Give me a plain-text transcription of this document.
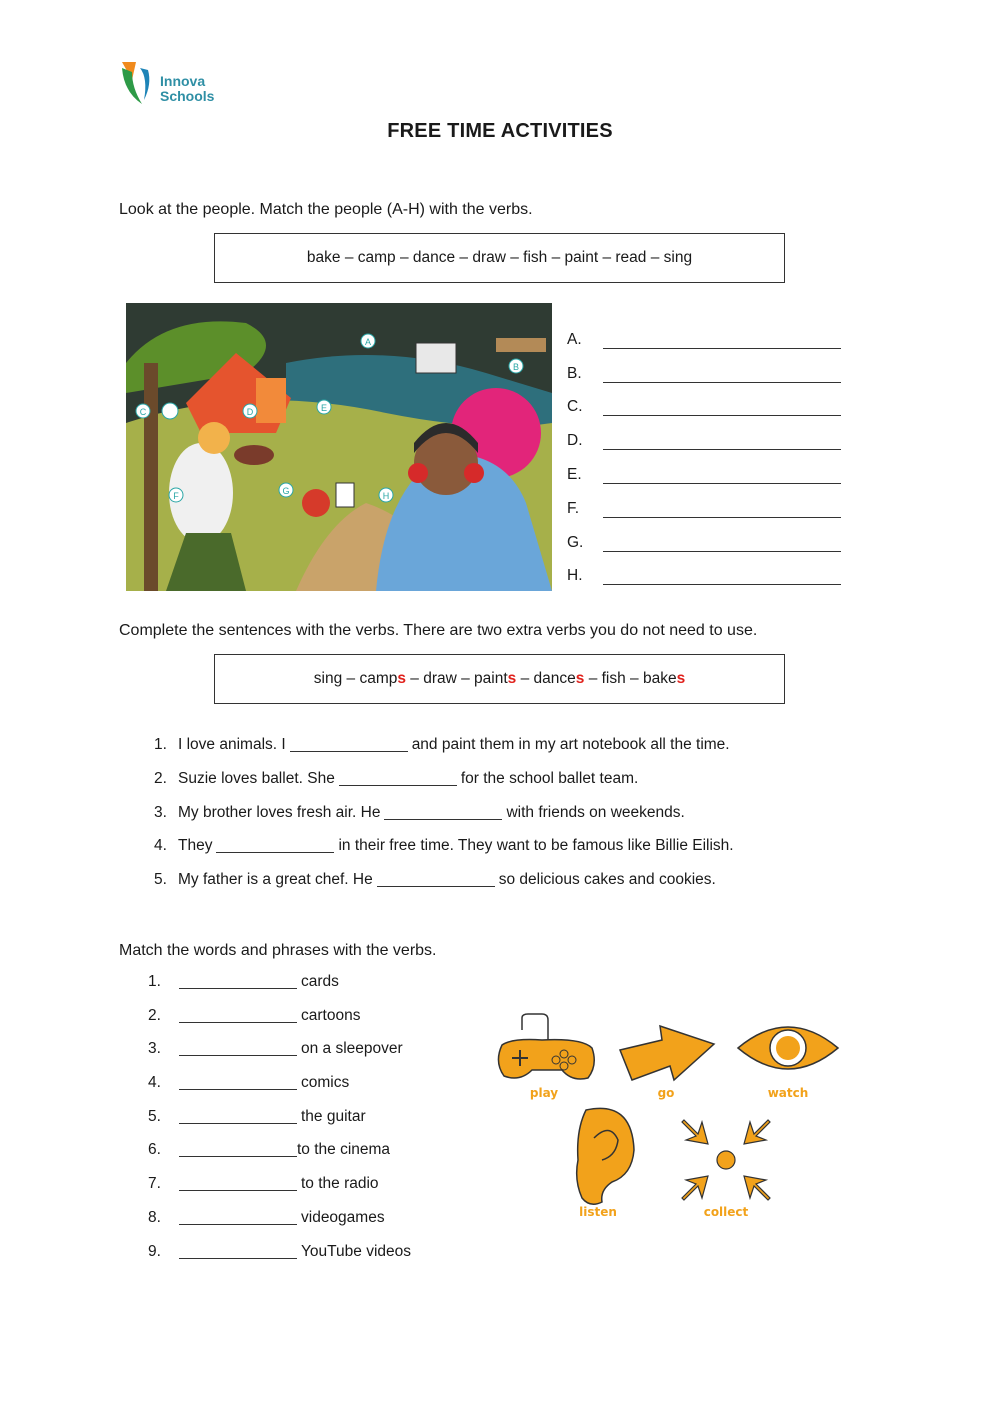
Innova
Schools
FREE TIME ACTIVITIES
Look at the people. Match the people (A-H) with the verbs.
bake – camp – dance – draw – fish – paint – read – sing
A
B
C	D	E
F	G	H
A.
B.
C.
D.
E.
F.
G.
H.
Complete the sentences with the verbs. There are two extra verbs you do not need to use.
sing – camps – draw – paints – dances – fish – bakes
1. I love animals. I	and paint them in my art notebook all the time.
2. Suzie loves ballet. She	for the school ballet team.
3. My brother loves fresh air. He	with friends on weekends.
4. They	in their free time. They want to be famous like Billie Eilish.
5. My father is a great chef. He	so delicious cakes and cookies.
Match the words and phrases with the verbs.
1.	cards
2.	cartoons
3.	on a sleepover
4.	comics
5.	the guitar
6.	to the cinema
7.	to the radio
8.	videogames
9.	YouTube videos
play	go	watch
listen	collect
